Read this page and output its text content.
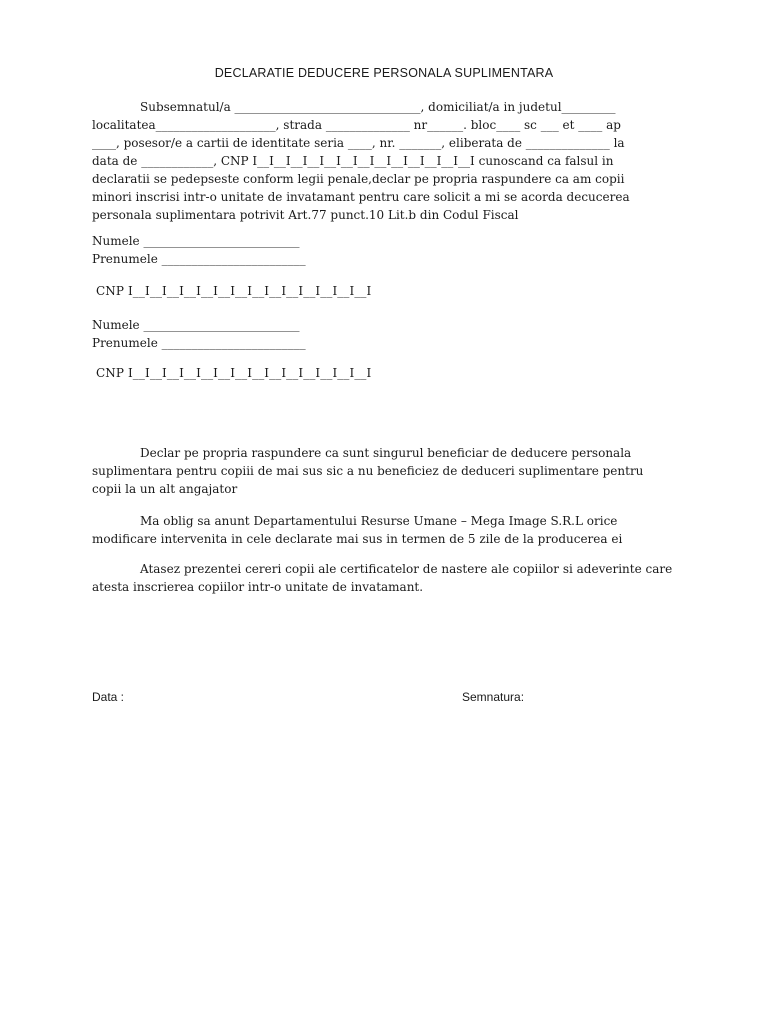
DECLARATIE DEDUCERE PERSONALA SUPLIMENTARA
Subsemnatul/a _______________________________, domiciliat/a in judetul_________
localitatea____________________, strada ______________ nr______. bloc____ sc ___ et ____ ap
____, posesor/e a cartii de identitate seria ____, nr. _______, eliberata de ______________ la
data de ____________, CNP I__I__I__I__I__I__I__I__I__I__I__I__I__I cunoscand ca falsul in
declaratii se pedepseste conform legii penale,declar pe propria raspundere ca am copii
minori inscrisi intr-o unitate de invatamant pentru care solicit a mi se acorda decucerea
personala suplimentara potrivit Art.77 punct.10 Lit.b din Codul Fiscal
Numele __________________________
Prenumele ________________________
CNP I__I__I__I__I__I__I__I__I__I__I__I__I__I__I
Numele __________________________
Prenumele ________________________
CNP I__I__I__I__I__I__I__I__I__I__I__I__I__I__I
Declar pe propria raspundere ca sunt singurul beneficiar de deducere personala
suplimentara pentru copiii de mai sus sic a nu beneficiez de deduceri suplimentare pentru
copii la un alt angajator
Ma oblig sa anunt Departamentului Resurse Umane – Mega Image S.R.L orice
modificare intervenita in cele declarate mai sus in termen de 5 zile de la producerea ei
Atasez prezentei cereri copii ale certificatelor de nastere ale copiilor si adeverinte care
atesta inscrierea copiilor intr-o unitate de invatamant.
Data :	Semnatura:
